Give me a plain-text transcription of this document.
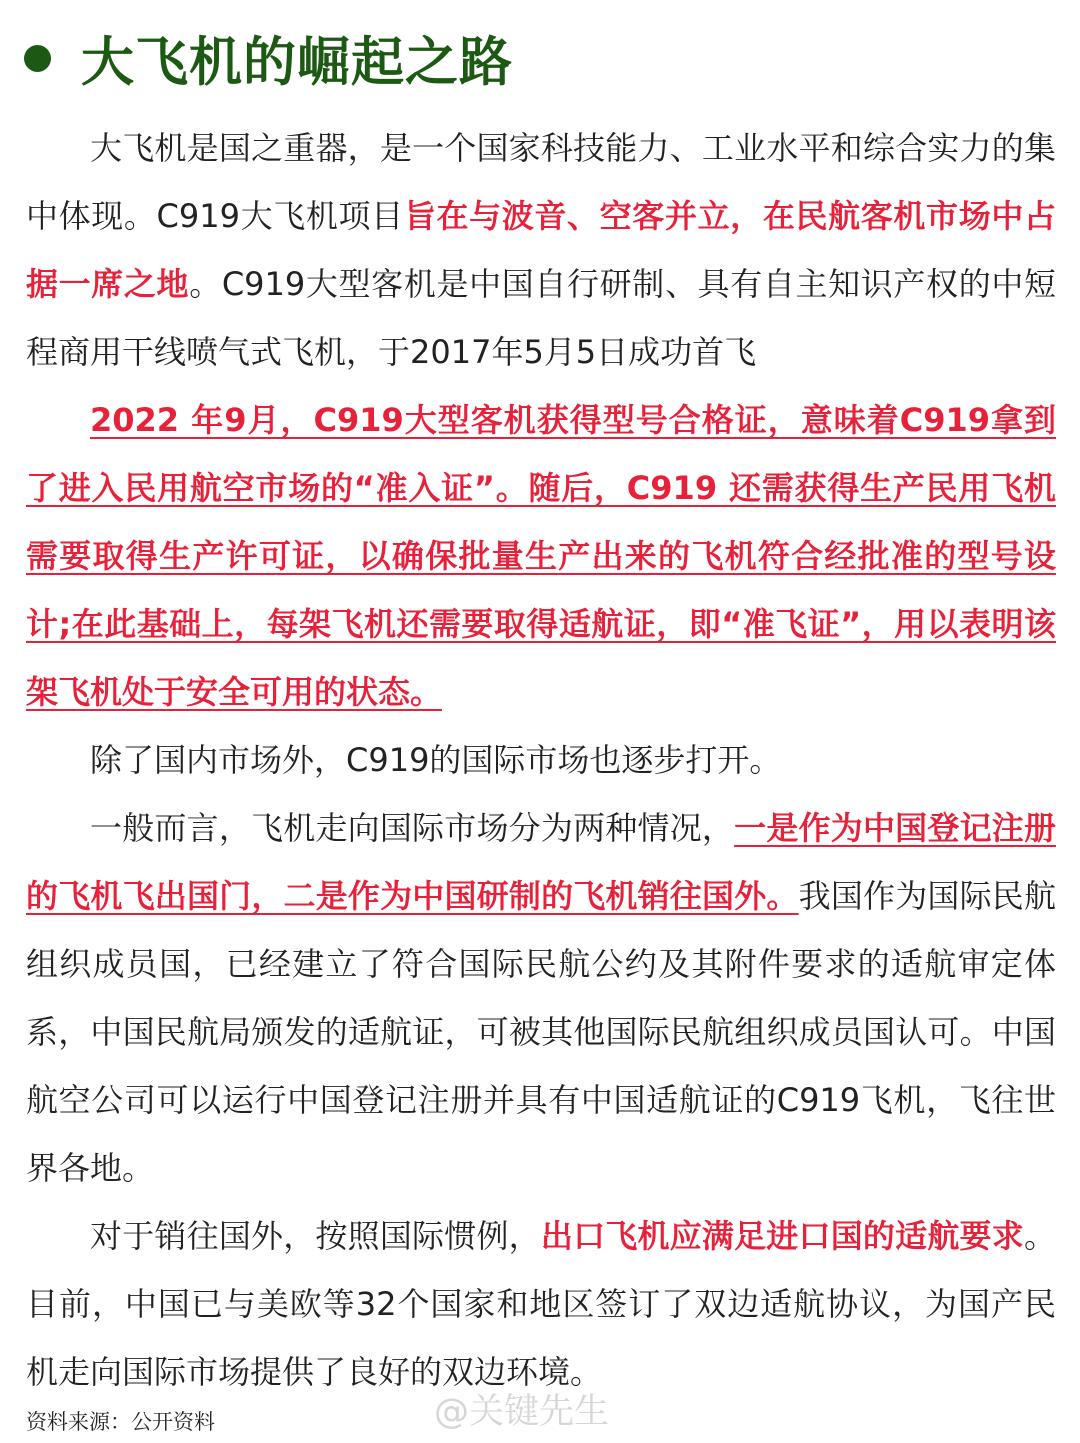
大飞机的崛起之路

大飞机是国之重器，是一个国家科技能力、工业水平和综合实力的集中体现。C919大飞机项目旨在与波音、空客并立，在民航客机市场中占据一席之地。C919大型客机是中国自行研制、具有自主知识产权的中短程商用干线喷气式飞机，于2017年5月5日成功首飞

2022 年9月，C919大型客机获得型号合格证，意味着C919拿到了进入民用航空市场的“准入证”。随后，C919 还需获得生产民用飞机需要取得生产许可证，以确保批量生产出来的飞机符合经批准的型号设计;在此基础上，每架飞机还需要取得适航证，即“准飞证”，用以表明该架飞机处于安全可用的状态。

除了国内市场外，C919的国际市场也逐步打开。

一般而言，飞机走向国际市场分为两种情况，一是作为中国登记注册的飞机飞出国门，二是作为中国研制的飞机销往国外。我国作为国际民航组织成员国，已经建立了符合国际民航公约及其附件要求的适航审定体系，中国民航局颁发的适航证，可被其他国际民航组织成员国认可。中国航空公司可以运行中国登记注册并具有中国适航证的C919飞机，飞往世界各地。

对于销往国外，按照国际惯例，出口飞机应满足进口国的适航要求。目前，中国已与美欧等32个国家和地区签订了双边适航协议，为国产民机走向国际市场提供了良好的双边环境。

资料来源：公开资料	@关键先生
